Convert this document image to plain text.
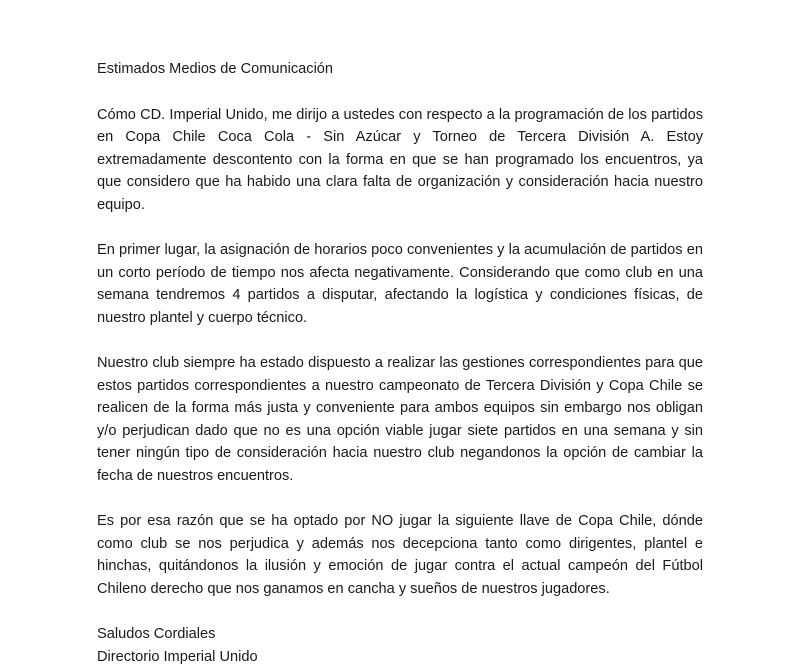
Estimados Medios de Comunicación

Cómo CD. Imperial Unido, me dirijo a ustedes con respecto a la programación de los partidos en Copa Chile Coca Cola - Sin Azúcar y Torneo de Tercera División A. Estoy extremadamente descontento con la forma en que se han programado los encuentros, ya que considero que ha habido una clara falta de organización y consideración hacia nuestro equipo.

En primer lugar, la asignación de horarios poco convenientes y la acumulación de partidos en un corto período de tiempo nos afecta negativamente. Considerando que como club en una semana tendremos 4 partidos a disputar, afectando la logística y condiciones físicas, de nuestro plantel y cuerpo técnico.

Nuestro club siempre ha estado dispuesto a realizar las gestiones correspondientes para que estos partidos correspondientes a nuestro campeonato de Tercera División y Copa Chile se realicen de la forma más justa y conveniente para ambos equipos sin embargo nos obligan y/o perjudican dado que no es una opción viable jugar siete partidos en una semana y sin tener ningún tipo de consideración hacia nuestro club negandonos la opción de cambiar la fecha de nuestros encuentros.

Es por esa razón que se ha optado por NO jugar la siguiente llave de Copa Chile, dónde como club se nos perjudica y además nos decepciona tanto como dirigentes, plantel e hinchas, quitándonos la ilusión y emoción de jugar contra el actual campeón del Fútbol Chileno derecho que nos ganamos en cancha y sueños de nuestros jugadores.

Saludos Cordiales

Directorio Imperial Unido
